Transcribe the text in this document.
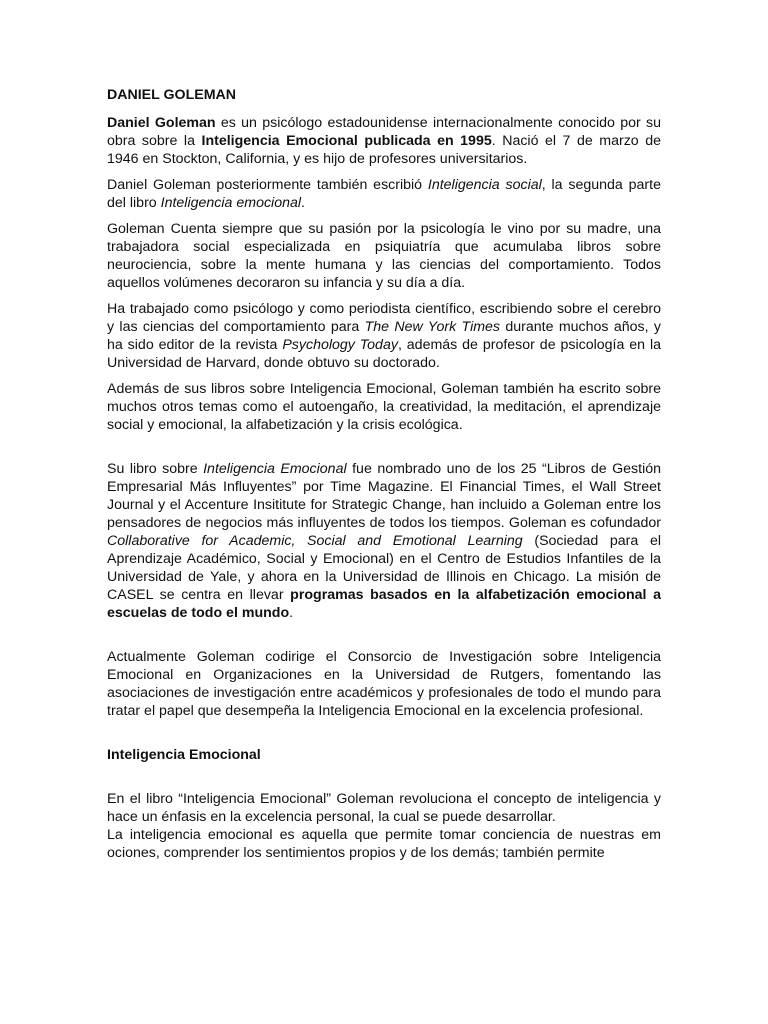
DANIEL GOLEMAN

Daniel Goleman es un psicólogo estadounidense internacionalmente conocido por su obra sobre la Inteligencia Emocional publicada en 1995. Nació el 7 de marzo de 1946 en Stockton, California, y es hijo de profesores universitarios.

Daniel Goleman posteriormente también escribió Inteligencia social, la segunda parte del libro Inteligencia emocional.

Goleman Cuenta siempre que su pasión por la psicología le vino por su madre, una trabajadora social especializada en psiquiatría que acumulaba libros sobre neurociencia, sobre la mente humana y las ciencias del comportamiento. Todos aquellos volúmenes decoraron su infancia y su día a día.

Ha trabajado como psicólogo y como periodista científico, escribiendo sobre el cerebro y las ciencias del comportamiento para The New York Times durante muchos años, y ha sido editor de la revista Psychology Today, además de profesor de psicología en la Universidad de Harvard, donde obtuvo su doctorado.

Además de sus libros sobre Inteligencia Emocional, Goleman también ha escrito sobre muchos otros temas como el autoengaño, la creatividad, la meditación, el aprendizaje social y emocional, la alfabetización y la crisis ecológica.

Su libro sobre Inteligencia Emocional fue nombrado uno de los 25 “Libros de Gestión Empresarial Más Influyentes” por Time Magazine. El Financial Times, el Wall Street Journal y el Accenture Insititute for Strategic Change, han incluido a Goleman entre los pensadores de negocios más influyentes de todos los tiempos. Goleman es cofundador Collaborative for Academic, Social and Emotional Learning (Sociedad para el Aprendizaje Académico, Social y Emocional) en el Centro de Estudios Infantiles de la Universidad de Yale, y ahora en la Universidad de Illinois en Chicago. La misión de CASEL se centra en llevar programas basados en la alfabetización emocional a escuelas de todo el mundo.

Actualmente Goleman codirige el Consorcio de Investigación sobre Inteligencia Emocional en Organizaciones en la Universidad de Rutgers, fomentando las asociaciones de investigación entre académicos y profesionales de todo el mundo para tratar el papel que desempeña la Inteligencia Emocional en la excelencia profesional.

Inteligencia Emocional

En el libro “Inteligencia Emocional” Goleman revoluciona el concepto de inteligencia y hace un énfasis en la excelencia personal, la cual se puede desarrollar.

La inteligencia emocional es aquella que permite tomar conciencia de nuestras em ociones, comprender los sentimientos propios y de los demás; también permite
